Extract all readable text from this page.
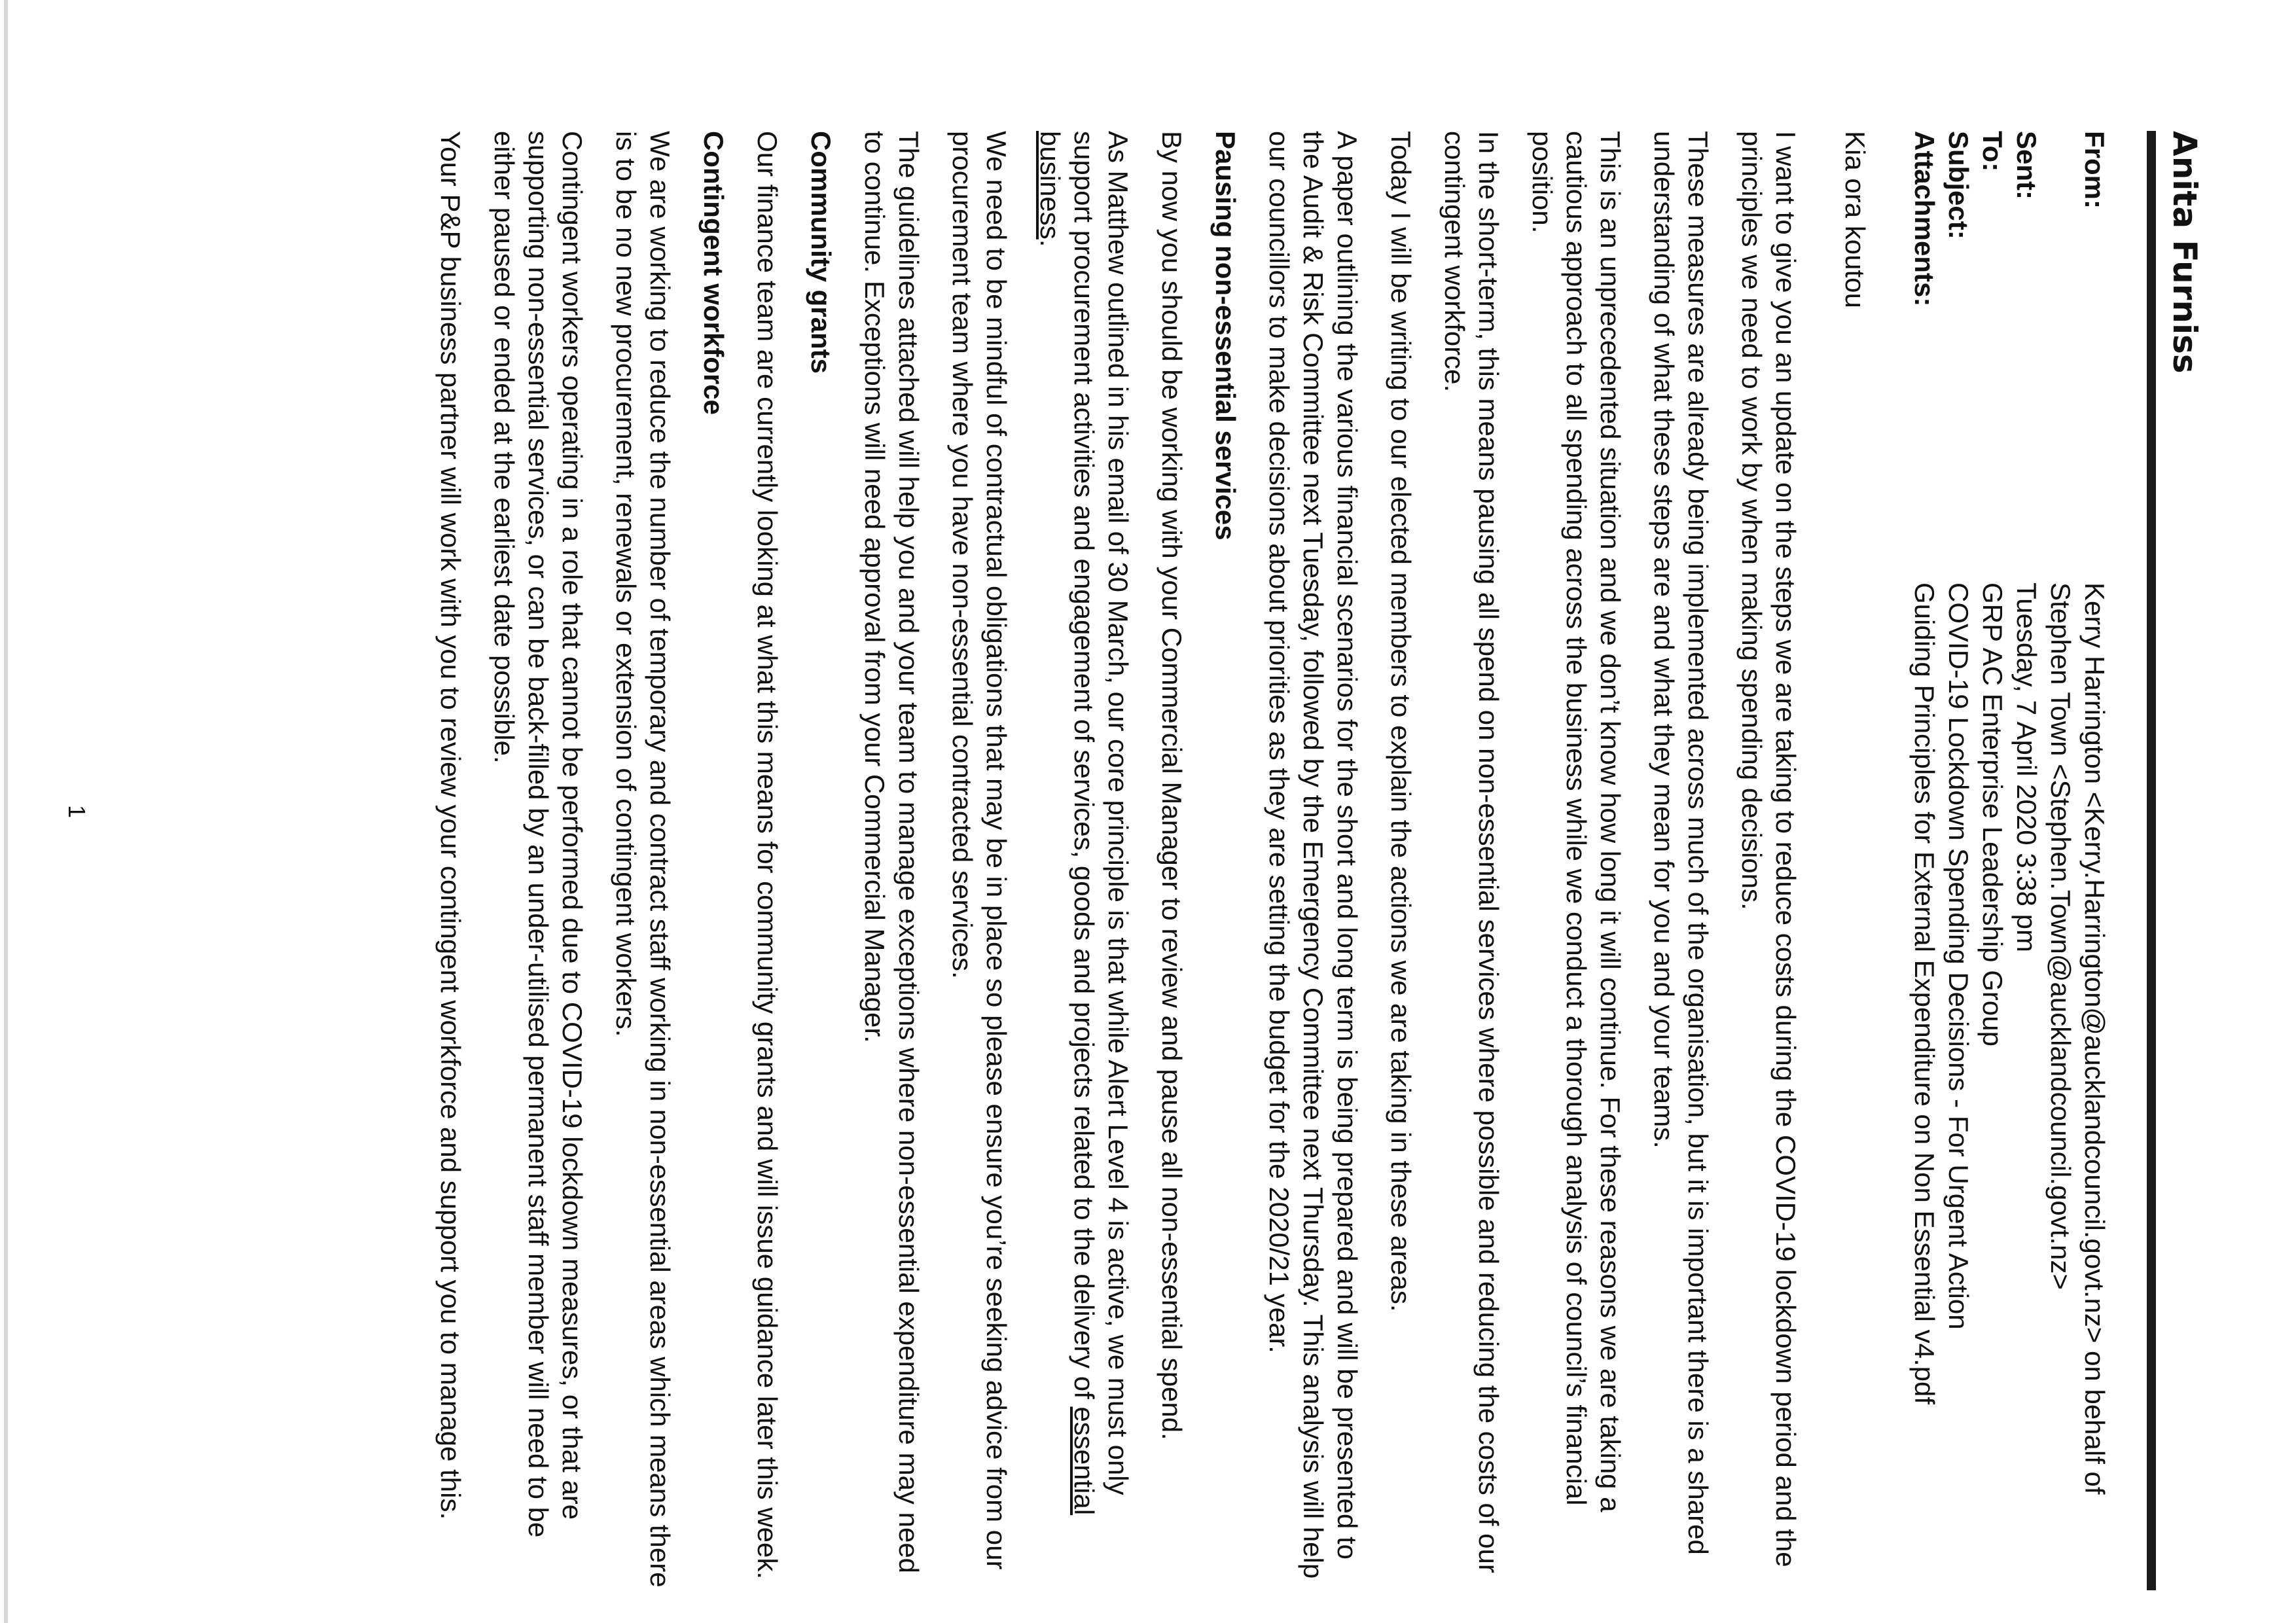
Anita Furniss
From:	Kerry Harrington <Kerry.Harrington@aucklandcouncil.govt.nz> on behalf of
Stephen Town <Stephen.Town@aucklandcouncil.govt.nz>

Sent:	Tuesday, 7 April 2020 3:38 pm
To:	GRP AC Enterprise Leadership Group
Subject:	COVID-19 Lockdown Spending Decisions - For Urgent Action
Attachments:	Guiding Principles for External Expenditure on Non Essential v4.pdf

Kia ora koutou

I want to give you an update on the steps we are taking to reduce costs during the COVID-19 lockdown period and the principles we need to work by when making spending decisions.

These measures are already being implemented across much of the organisation, but it is important there is a shared understanding of what these steps are and what they mean for you and your teams.

This is an unprecedented situation and we don’t know how long it will continue. For these reasons we are taking a cautious approach to all spending across the business while we conduct a thorough analysis of council’s financial position.

In the short-term, this means pausing all spend on non-essential services where possible and reducing the costs of our contingent workforce.

Today I will be writing to our elected members to explain the actions we are taking in these areas.

A paper outlining the various financial scenarios for the short and long term is being prepared and will be presented to the Audit & Risk Committee next Tuesday, followed by the Emergency Committee next Thursday. This analysis will help our councillors to make decisions about priorities as they are setting the budget for the 2020/21 year.

Pausing non-essential services

By now you should be working with your Commercial Manager to review and pause all non-essential spend.

As Matthew outlined in his email of 30 March, our core principle is that while Alert Level 4 is active, we must only support procurement activities and engagement of services, goods and projects related to the delivery of essential business.

We need to be mindful of contractual obligations that may be in place so please ensure you’re seeking advice from our procurement team where you have non-essential contracted services.

The guidelines attached will help you and your team to manage exceptions where non-essential expenditure may need to continue. Exceptions will need approval from your Commercial Manager.

Community grants

Our finance team are currently looking at what this means for community grants and will issue guidance later this week.

Contingent workforce

We are working to reduce the number of temporary and contract staff working in non-essential areas which means there is to be no new procurement, renewals or extension of contingent workers.

Contingent workers operating in a role that cannot be performed due to COVID-19 lockdown measures, or that are supporting non-essential services, or can be back-filled by an under-utilised permanent staff member will need to be either paused or ended at the earliest date possible.

Your P&P business partner will work with you to review your contingent workforce and support you to manage this.

1
